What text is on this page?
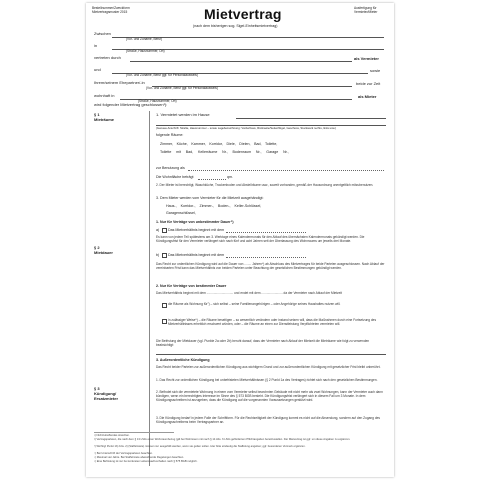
Bestellnummer/Zweckform
Mietvertragsmuster 2015	Mietvertrag
(nach dem bisherigen sog. Sigel-Einheitsmietvertrag)
Ausfertigung für
Vermieter/Mieter
Zwischen
(Vor- und Zuname, Beruf)
in
(Straße, Hausnummer, Ort)
vertreten durch	als Vermieter
und	sowie
(Vor- und Zuname, Beruf ggf. für Personalausweis)
Ihrem/seinem Ehepartner/-in	beide zur Zeit
(Vor- und Zuname, Beruf ggf. für Personalausweis)
wohnhaft in	als Mieter
(Straße, Hausnummer, Ort)
wird folgender Mietvertrag geschlossen¹):
§ 1
Mieträume
1. Vermietet werden im Hause
(Genaue Anschrift: Straße, Hausnummer – sowie Lagebezeichnung: Vorderhaus, Rückseite/Seitenflügel, Geschoss, Stockwerk rechts, links usw.)
folgende Räume:
Zimmer, Küche, Kammer, Korridor, Diele, Dielen, Bad, Toilette,
Toilette mit Bad, Kellerräume Nr., Bodenraum Nr., Garage Nr.,
zur Benutzung als
Die Wohnfläche beträgt	qm.
2. Der Mieter ist berechtigt, Waschküche, Trockenboden und Abstellräume usw., soweit vorhanden, gemäß der Hausordnung unentgeltlich mitzubenutzen.
3. Dem Mieter werden vom Vermieter für die Mietzeit ausgehändigt:
Haus-, Korridor-, Zimmer-, Boden-, Keller-Schlüssel,
Garagenschlüssel,
§ 2
Mietdauer
1. Nur für Verträge von unbestimmter Dauer⁵)
a) Das Mietverhältnis beginnt mit dem
Es kann von jedem Teil spätestens am 3. Werktage eines Kalendermonats für den Ablauf des übernächsten Kalendermonats gekündigt werden. Die Kündigungsfrist für den Vermieter verlängert sich nach fünf und acht Jahren seit der Überlassung des Wohnraums um jeweils drei Monate.
b) Das Mietverhältnis beginnt mit dem
Das Recht zur ordentlichen Kündigung wird auf die Dauer von ........ Jahren⁶) ab Abschluss des Mietvertrages für beide Parteien ausgeschlossen. Nach Ablauf der vereinbarten Frist kann das Mietverhältnis von beiden Parteien unter Beachtung der gesetzlichen Bestimmungen gekündigt werden.
2. Nur für Verträge von bestimmter Dauer
Das Mietverhältnis beginnt mit dem .............................. und endet mit dem ........................ da der Vermieter nach Ablauf der Mietzeit
die Räume als Wohnung für⁷) – sich selbst – seine Familienangehörigen – oder Angehörige seines Haushaltes nutzen will.
in zulässiger Weise⁸) – die Räume beseitigen – so wesentlich verändern oder instand setzen will, dass die Maßnahmen durch eine Fortsetzung des Mietverhältnisses erheblich erschwert würden, oder – die Räume an einen zur Dienstleistung Verpflichteten vermieten will.
Die Befristung der Mietdauer (vgl. Punkte 2a oder 2b) beruht darauf, dass der Vermieter nach Ablauf der Mietzeit die Mieträume wie folgt zu verwenden beabsichtigt:
3. Außerordentliche Kündigung
Das Recht beider Parteien zur außerordentlichen Kündigung aus wichtigem Grund und zur außerordentlichen Kündigung mit gesetzlicher Frist bleibt unberührt.
§ 3
Kündigung/
Ersatzmieter
1. Das Recht zur ordentlichen Kündigung bei unbefristeten Mietverhältnissen (§ 2 Punkt 1a des Vertrages) richtet sich nach den gesetzlichen Bestimmungen.
2. Befindet sich die vermietete Wohnung in einem vom Vermieter selbst bewohnten Gebäude mit nicht mehr als zwei Wohnungen, kann der Vermieter auch dann kündigen, wenn ein berechtigtes Interesse im Sinne des § 573 BGB besteht. Die Kündigungsfrist verlängert sich in diesem Fall um 3 Monate. In dem Kündigungsschreiben ist anzugeben, dass die Kündigung auf die vorgenannten Voraussetzungen gestützt wird.
3. Die Kündigung bedarf in jedem Falle der Schriftform. Für die Rechtzeitigkeit der Kündigung kommt es nicht auf die Absendung, sondern auf den Zugang des Kündigungsschreibens beim Vertragspartner an.
¹) Nichtzutreffendes streichen.
²) Vertragsparteien, die nach dem § 13 LStG einen Wohnraumbezug (gilt bei Wohnraum mit nach § 14 Abs. 6 LStG gefördertem Pflichtangaben bereitzustellen. Der Mietvertrag ist ggf. um diese Angaben zu ergänzen.
³) Wichtig! Punkt 1b) bzw. 2) (Staffelmiete) müssen nur ausgefüllt werden, wenn sie gelten sollen. Hier bitte eindeutig die Staffelung angeben; ggf. besonderen Vermerk ergänzen.
⁴) Bei Unterschrift der Vertragsparteien beachten.
⁵) Maximal vier Jahre. Bei Staffelmiete abweichende Regelungen beachten.
⁶) Eine Befristung ist nur bei konkreten Lebenssachverhalten nach § 575 BGB möglich.
